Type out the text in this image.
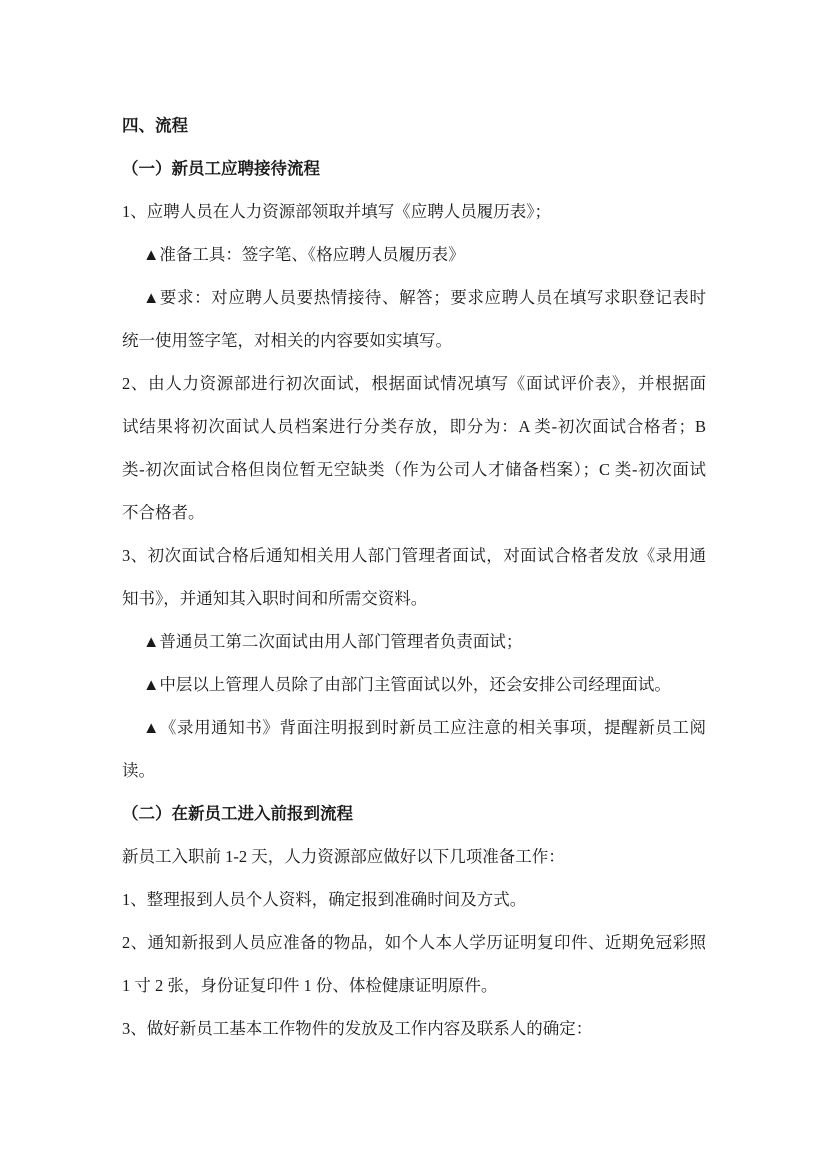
四、流程
（一）新员工应聘接待流程
1、应聘人员在人力资源部领取并填写《应聘人员履历表》；
▲准备工具：签字笔、《格应聘人员履历表》
▲要求：对应聘人员要热情接待、解答；要求应聘人员在填写求职登记表时
统一使用签字笔，对相关的内容要如实填写。
2、由人力资源部进行初次面试，根据面试情况填写《面试评价表》，并根据面
试结果将初次面试人员档案进行分类存放，即分为：A 类-初次面试合格者；B
类-初次面试合格但岗位暂无空缺类（作为公司人才储备档案）；C 类-初次面试
不合格者。
3、初次面试合格后通知相关用人部门管理者面试，对面试合格者发放《录用通
知书》，并通知其入职时间和所需交资料。
▲普通员工第二次面试由用人部门管理者负责面试；
▲中层以上管理人员除了由部门主管面试以外，还会安排公司经理面试。
▲《录用通知书》背面注明报到时新员工应注意的相关事项，提醒新员工阅
读。
（二）在新员工进入前报到流程
新员工入职前 1-2 天，人力资源部应做好以下几项准备工作：
1、整理报到人员个人资料，确定报到准确时间及方式。
2、通知新报到人员应准备的物品，如个人本人学历证明复印件、近期免冠彩照
1 寸 2 张，身份证复印件 1 份、体检健康证明原件。
3、做好新员工基本工作物件的发放及工作内容及联系人的确定：
